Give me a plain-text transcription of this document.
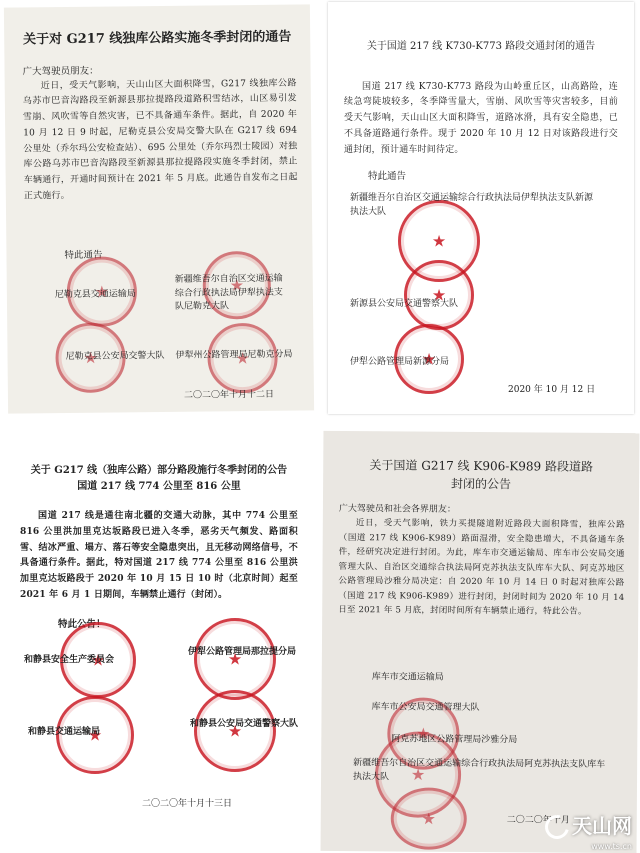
关于对 G217 线独库公路实施冬季封闭的通告

广大驾驶员朋友：

近日，受天气影响，天山山区大面积降雪，G217 线独库公路乌苏市巴音沟路段至新源县那拉提路段道路积雪结冰，山区易引发雪崩、风吹雪等自然灾害，已不具备通车条件。据此，自 2020 年 10 月 12 日 9 时起，尼勒克县公安局交警大队在 G217 线 694 公里处（乔尔玛公安检查站）、695 公里处（乔尔玛烈士陵园）对独库公路乌苏市巴音沟路段至新源县那拉提路段实施冬季封闭，禁止车辆通行，开通时间预计在 2021 年 5 月底。此通告自发布之日起正式施行。

特此通告
★
★
★
★
尼勒克县交通运输局
新疆维吾尔自治区交通运输综合行政执法局伊犁执法支队尼勒克大队
尼勒克县公安局交警大队 伊犁州公路管理局尼勒克分局
二〇二〇年十月十二日

关于国道 217 线 K730-K773 路段交通封闭的通告

国道 217 线 K730-K773 路段为山岭重丘区，山高路险，连续急弯陡坡较多，冬季降雪量大，雪崩、风吹雪等灾害较多，目前受天气影响，天山山区大面积降雪，道路冰滑，具有安全隐患，已不具备道路通行条件。现于 2020 年 10 月 12 日对该路段进行交通封闭，预计通车时间待定。

特此通告
★
★
★
新疆维吾尔自治区交通运输综合行政执法局伊犁执法支队新源执法大队
新源县公安局交通警察大队
伊犁公路管理局新源分局
2020 年 10 月 12 日

关于 G217 线（独库公路）部分路段施行冬季封闭的公告

国道 217 线 774 公里至 816 公里

国道 217 线是通往南北疆的交通大动脉，其中 774 公里至 816 公里洪加里克达坂路段已进入冬季，恶劣天气频发、路面积雪、结冰严重、塌方、落石等安全隐患突出，且无移动网络信号，不具备通行条件。据此，特对国道 217 线 774 公里至 816 公里洪加里克达坂路段于 2020 年 10 月 15 日 10 时（北京时间）起至 2021 年 6 月 1 日期间，车辆禁止通行（封闭）。

特此公告！
★
★
★
★
和静县安全生产委员会
伊犁公路管理局那拉提分局
和静县交通运输局
和静县公安局交通警察大队
二〇二〇年十月十三日

关于国道 G217 线 K906-K989 路段道路

封闭的公告

广大驾驶员和社会各界朋友：

近日，受天气影响，铁力买提隧道附近路段大面积降雪，独库公路（国道 217 线 K906-K989）路面湿滑，安全隐患增大，不具备通车条件，经研究决定进行封闭。为此，库车市交通运输局、库车市公安局交通管理大队、自治区交通综合执法局阿克苏执法支队库车大队、阿克苏地区公路管理局沙雅分局决定：自 2020 年 10 月 14 日 0 时起对独库公路（国道 217 线 K906-K989）进行封闭，封闭时间为 2020 年 10 月 14 日至 2021 年 5 月底，封闭时间所有车辆禁止通行，特此公告。

★
★
★
库车市交通运输局
库车市公安局交通管理大队
阿克苏地区公路管理局沙雅分局
新疆维吾尔自治区交通运输综合行政执法局阿克苏执法支队库车执法大队
二〇二〇年十月 天山网
www.ts.cn
